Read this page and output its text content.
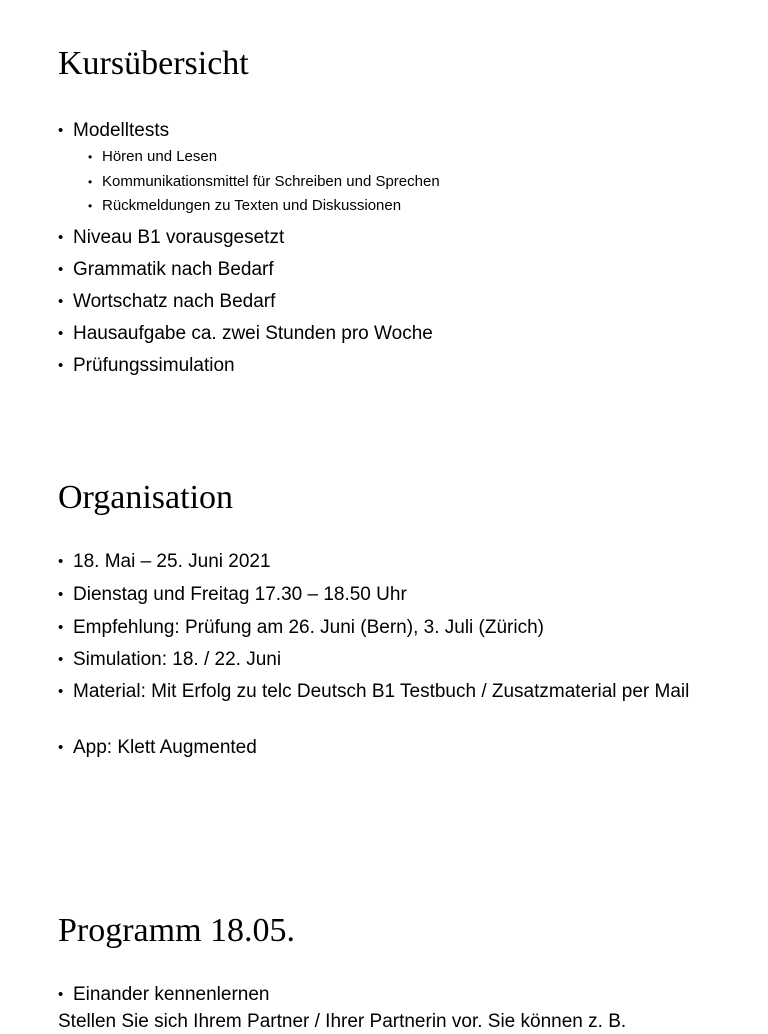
Kursübersicht
• Modelltests
• Hören und Lesen
• Kommunikationsmittel für Schreiben und Sprechen
• Rückmeldungen zu Texten und Diskussionen
• Niveau B1 vorausgesetzt
• Grammatik nach Bedarf
• Wortschatz nach Bedarf
• Hausaufgabe ca. zwei Stunden pro Woche
• Prüfungssimulation
Organisation
• 18. Mai – 25. Juni 2021
• Dienstag und Freitag 17.30 – 18.50 Uhr
• Empfehlung: Prüfung am 26. Juni (Bern), 3. Juli (Zürich)
• Simulation: 18. / 22. Juni
• Material: Mit Erfolg zu telc Deutsch B1 Testbuch / Zusatzmaterial per Mail
• App: Klett Augmented
Programm 18.05.
• Einander kennenlernen
Stellen Sie sich Ihrem Partner / Ihrer Partnerin vor. Sie können z. B.
